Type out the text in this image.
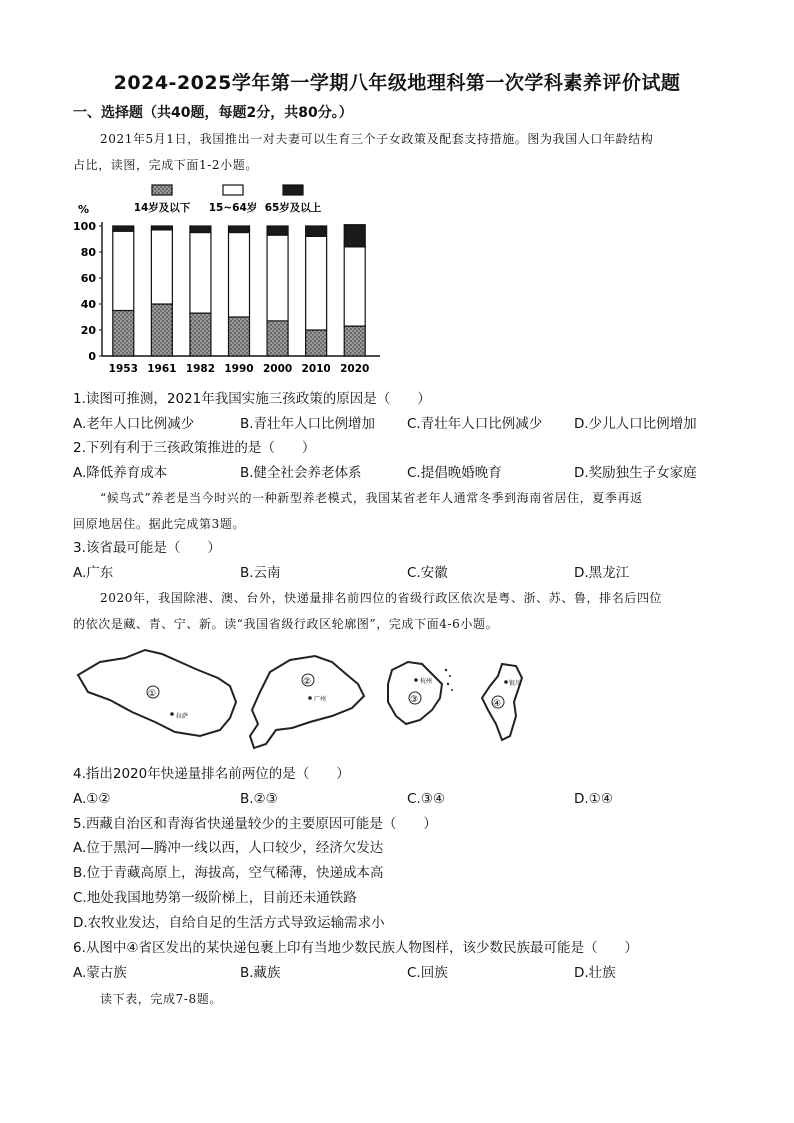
2024-2025学年第一学期八年级地理科第一次学科素养评价试题
一、选择题（共40题，每题2分，共80分。）
2021年5月1日，我国推出一对夫妻可以生育三个子女政策及配套支持措施。图为我国人口年龄结构
占比，读图，完成下面1-2小题。
14岁及以下 15~64岁 65岁及以上
%
0
20
40
60
80
100
1953 1961 1982 1990 2000 2010 2020
1.读图可推测，2021年我国实施三孩政策的原因是（　　）
A.老年人口比例减少	B.青壮年人口比例增加 C.青壮年人口比例减少 D.少儿人口比例增加
2.下列有利于三孩政策推进的是（　　）
A.降低养育成本	B.健全社会养老体系	C.提倡晚婚晚育	D.奖励独生子女家庭
“候鸟式”养老是当今时兴的一种新型养老模式，我国某省老年人通常冬季到海南省居住，夏季再返
回原地居住。据此完成第3题。
3.该省最可能是（　　）
A.广东	B.云南	C.安徽	D.黑龙江
2020年，我国除港、澳、台外，快递量排名前四位的省级行政区依次是粤、浙、苏、鲁，排名后四位
的依次是藏、青、宁、新。读“我国省级行政区轮廓图”，完成下面4-6小题。
①
拉萨
②
广州	③
杭州
④
银川
4.指出2020年快递量排名前两位的是（　　）
A.①②	B.②③	C.③④	D.①④
5.西藏自治区和青海省快递量较少的主要原因可能是（　　）
A.位于黑河—腾冲一线以西，人口较少，经济欠发达
B.位于青藏高原上，海拔高，空气稀薄，快递成本高
C.地处我国地势第一级阶梯上，目前还未通铁路
D.农牧业发达，自给自足的生活方式导致运输需求小
6.从图中④省区发出的某快递包裹上印有当地少数民族人物图样，该少数民族最可能是（　　）
A.蒙古族	B.藏族	C.回族	D.壮族
读下表，完成7-8题。
